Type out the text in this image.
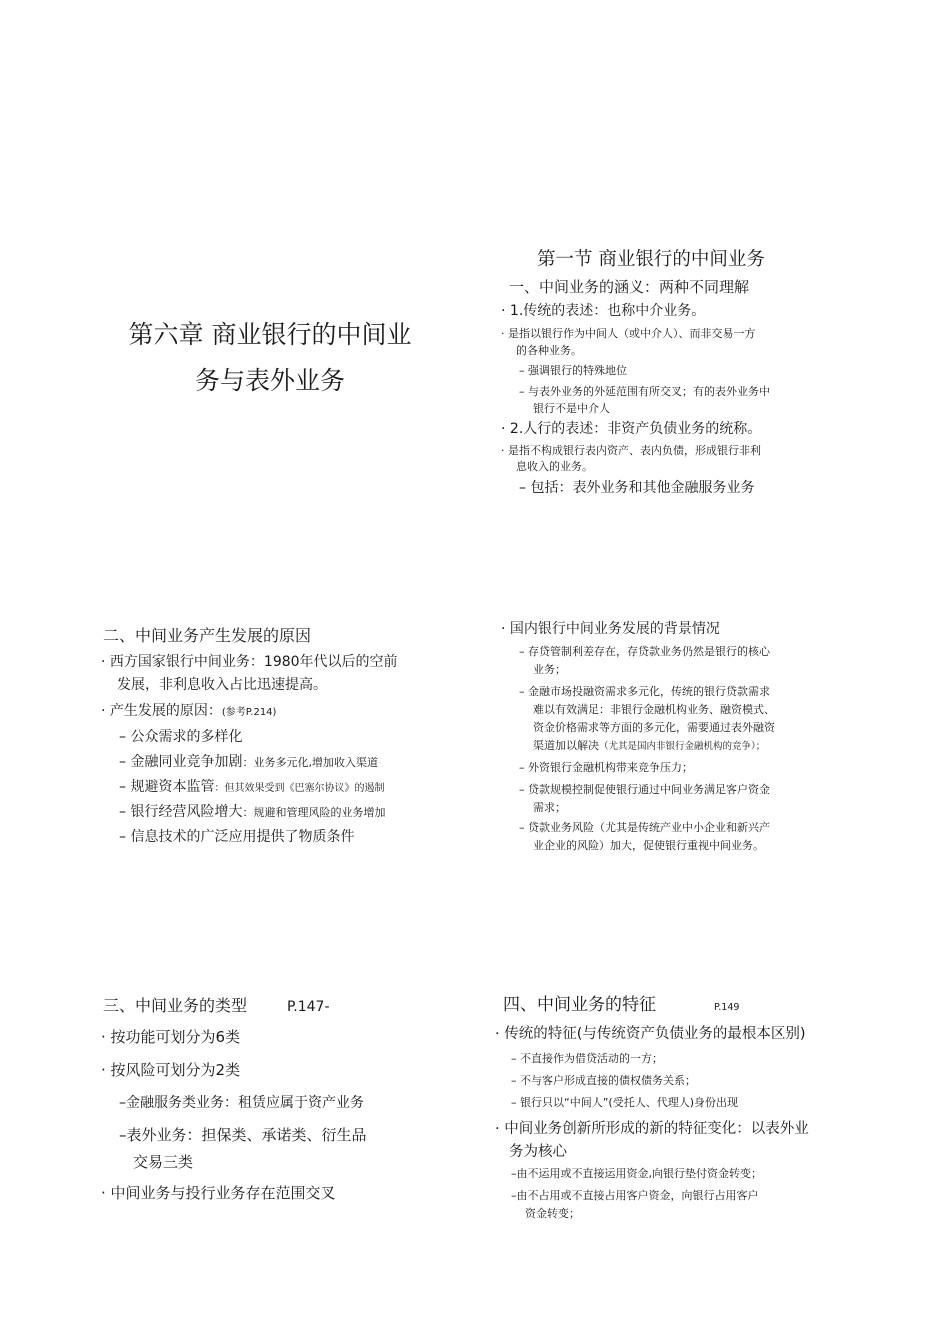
第六章 商业银行的中间业
务与表外业务
第一节 商业银行的中间业务
一、中间业务的涵义：两种不同理解
· 1.传统的表述：也称中介业务。
· 是指以银行作为中间人（或中介人）、而非交易一方
的各种业务。
– 强调银行的特殊地位
– 与表外业务的外延范围有所交叉；有的表外业务中
银行不是中介人
· 2.人行的表述：非资产负债业务的统称。
· 是指不构成银行表内资产、表内负债，形成银行非利
息收入的业务。
– 包括：表外业务和其他金融服务业务
二、中间业务产生发展的原因
· 西方国家银行中间业务：1980年代以后的空前
发展，非利息收入占比迅速提高。
· 产生发展的原因：(参考P.214)
– 公众需求的多样化
– 金融同业竞争加剧：业务多元化,增加收入渠道
– 规避资本监管：但其效果受到《巴塞尔协议》的遏制
– 银行经营风险增大：规避和管理风险的业务增加
– 信息技术的广泛应用提供了物质条件
· 国内银行中间业务发展的背景情况
– 存贷管制利差存在，存贷款业务仍然是银行的核心
业务；
– 金融市场投融资需求多元化，传统的银行贷款需求
难以有效满足：非银行金融机构业务、融资模式、
资金价格需求等方面的多元化，需要通过表外融资
渠道加以解决（尤其是国内非银行金融机构的竞争）；
– 外资银行金融机构带来竞争压力；
– 贷款规模控制促使银行通过中间业务满足客户资金
需求；
– 贷款业务风险（尤其是传统产业中小企业和新兴产
业企业的风险）加大，促使银行重视中间业务。
三、中间业务的类型	P.147-
· 按功能可划分为6类
· 按风险可划分为2类
–金融服务类业务：租赁应属于资产业务
–表外业务：担保类、承诺类、衍生品
交易三类
· 中间业务与投行业务存在范围交叉
四、中间业务的特征	P.149
· 传统的特征(与传统资产负债业务的最根本区别)
– 不直接作为借贷活动的一方；
– 不与客户形成直接的债权债务关系；
– 银行只以“中间人”(受托人、代理人)身份出现
· 中间业务创新所形成的新的特征变化：以表外业
务为核心
–由不运用或不直接运用资金,向银行垫付资金转变；
–由不占用或不直接占用客户资金，向银行占用客户
资金转变；
